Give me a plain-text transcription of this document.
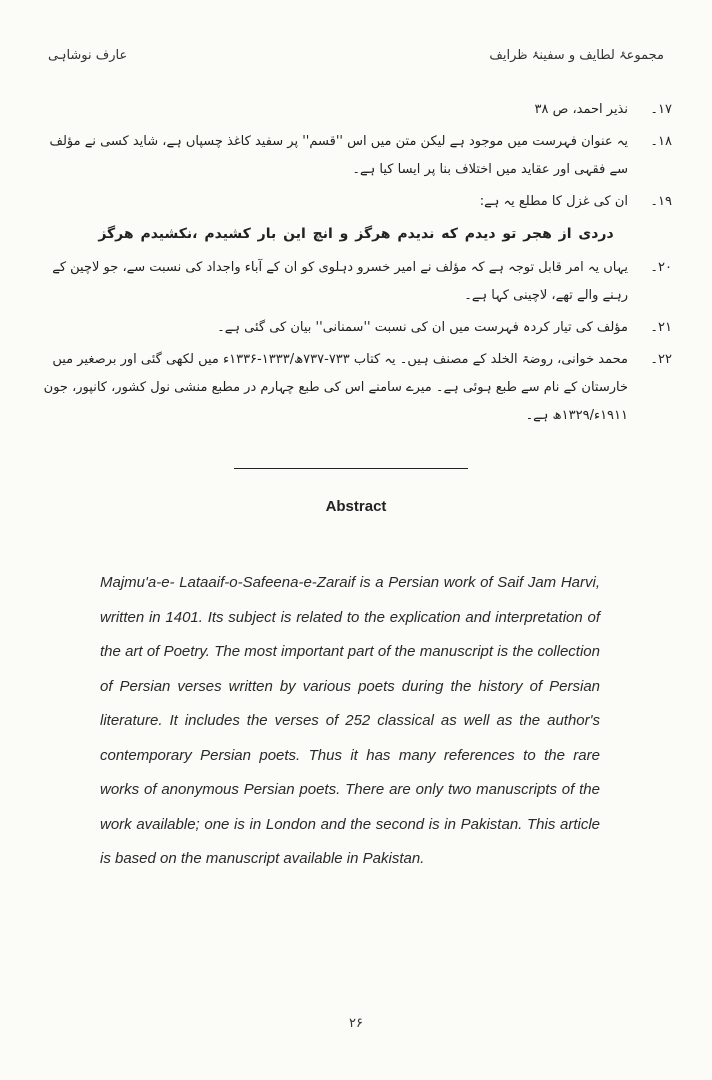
عارف نوشاہی	مجموعۂ لطایف و سفینۂ ظرایف
۱۷۔
نذیر احمد، ص ۳۸
۱۸۔
یہ عنوان فہرست میں موجود ہے لیکن متن میں اس ''قسم'' پر سفید کاغذ چسپاں ہے، شاید کسی نے مؤلف سے فقہی اور عقاید میں اختلاف بنا پر ایسا کیا ہے۔
۱۹۔
ان کی غزل کا مطلع یہ ہے:
دردی از هجر تو دیدم که ندیدم هرگز و انچ این بار کشیدم ،نکشیدم هرگز
۲۰۔
یہاں یہ امر قابل توجہ ہے کہ مؤلف نے امیر خسرو دہلوی کو ان کے آباء واجداد کی نسبت سے، جو لاچین کے رہنے والے تھے، لاچینی کہا ہے۔
۲۱۔
مؤلف کی تیار کردہ فہرست میں ان کی نسبت ''سمنانی'' بیان کی گئی ہے۔
۲۲۔
محمد خوانی، روضۃ الخلد کے مصنف ہیں۔ یہ کتاب ۷۳۳-۷۳۷ھ/۱۳۳۳-۱۳۳۶ء میں لکھی گئی اور برصغیر میں خارستان کے نام سے طبع ہوئی ہے۔ میرے سامنے اس کی طبع چہارم در مطبع منشی نول کشور، کانپور، جون ۱۹۱۱ء/۱۳۲۹ھ ہے۔
Abstract
Majmu'a-e- Lataaif-o-Safeena-e-Zaraif is a Persian work of Saif Jam Harvi, written in 1401. Its subject is related to the explication and interpretation of the art of Poetry. The most important part of the manuscript is the collection of Persian verses written by various poets during the history of Persian literature. It includes the verses of 252 classical as well as the author's contemporary Persian poets. Thus it has many references to the rare works of anonymous Persian poets. There are only two manuscripts of the work available; one is in London and the second is in Pakistan. This article is based on the manuscript available in Pakistan.
۲۶
